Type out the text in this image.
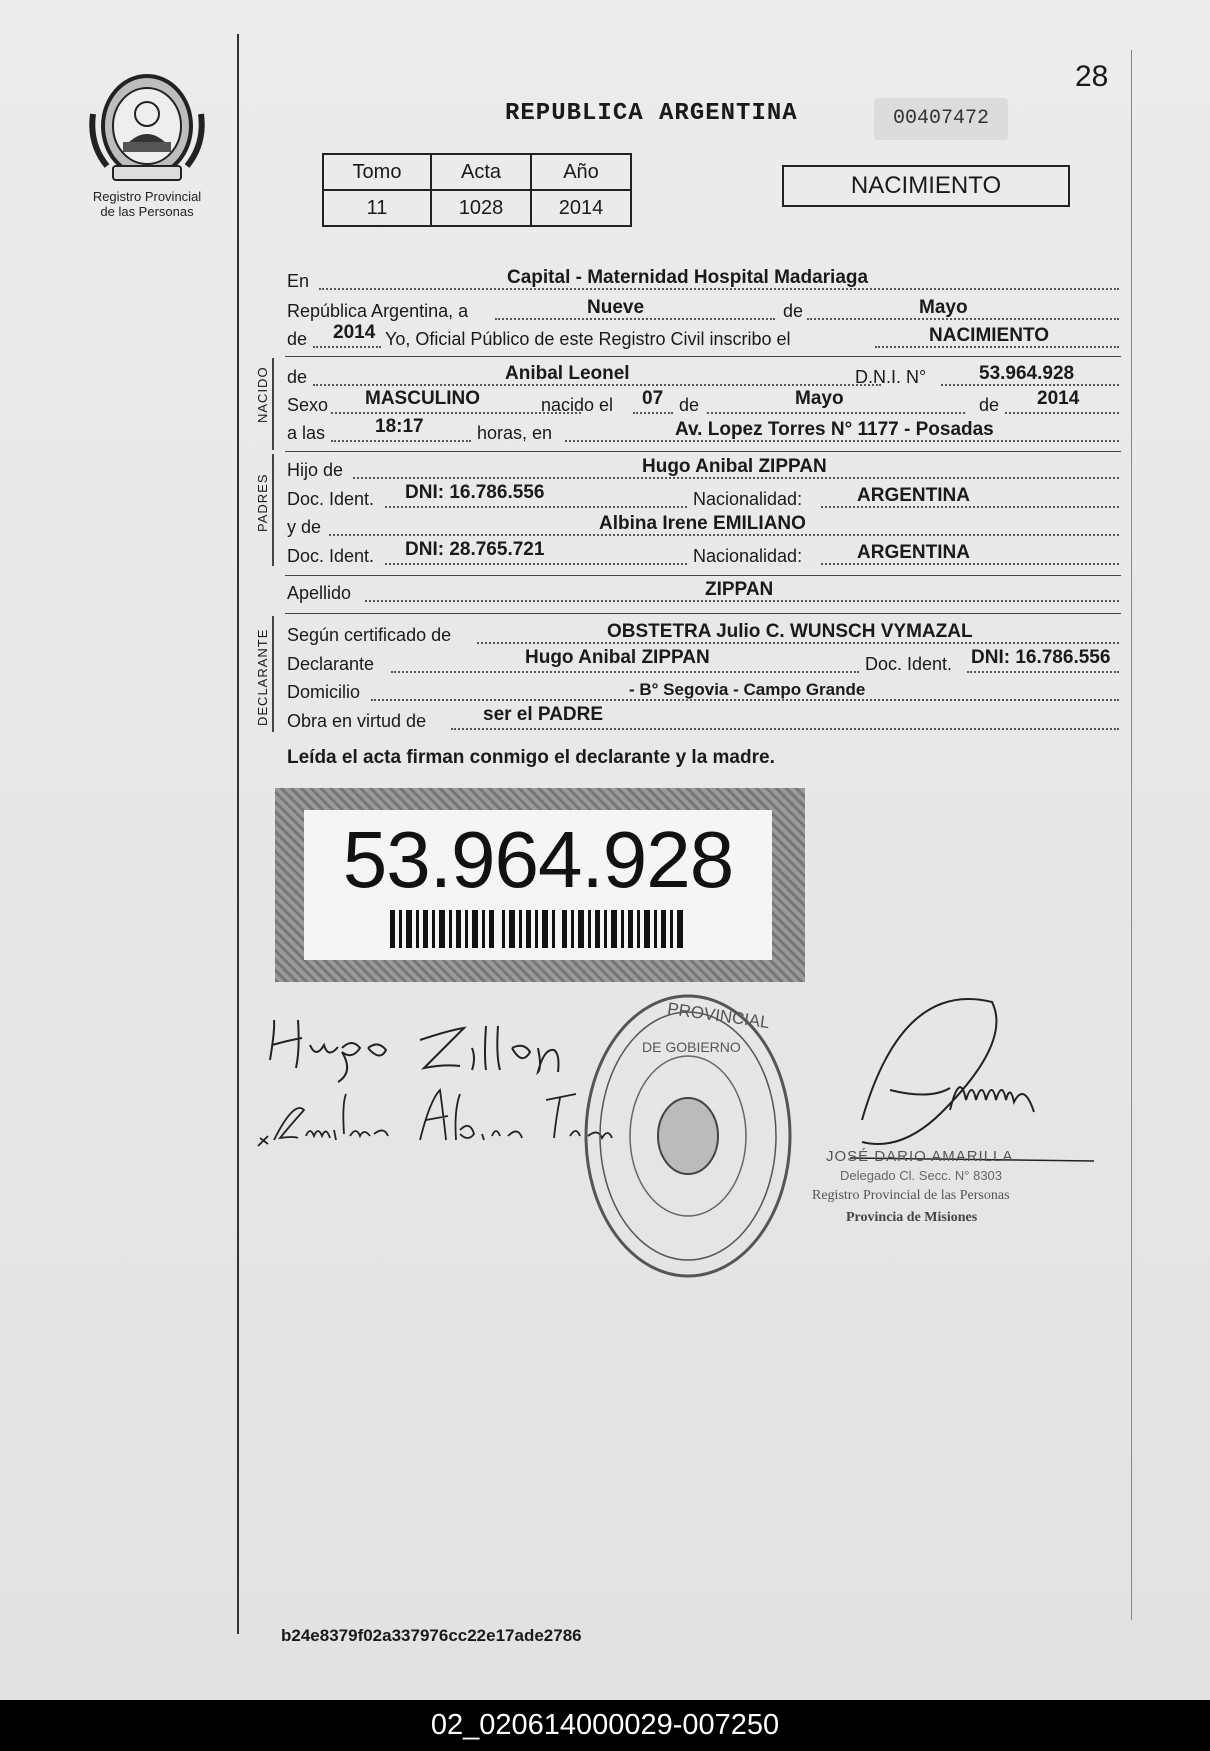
Registro Provincial
de las Personas
28
REPUBLICA ARGENTINA	00407472
Tomo	Acta	Año
11	1028	2014
NACIMIENTO
En	Capital - Maternidad Hospital Madariaga
República Argentina, a	Nueve	de	Mayo
de 2014 Yo, Oficial Público de este Registro Civil inscribo el	NACIMIENTO
NACIDO de	Anibal Leonel	D.N.I. N°	53.964.928
Sexo MASCULINO	nacido el 07 de	Mayo	de 2014
a las	18:17	horas, en	Av. Lopez Torres N° 1177 - Posadas
PADRES
Hijo de	Hugo Anibal ZIPPAN
Doc. Ident. DNI: 16.786.556	Nacionalidad:	ARGENTINA
y de	Albina Irene EMILIANO
Doc. Ident. DNI: 28.765.721	Nacionalidad:	ARGENTINA
Apellido	ZIPPAN
DECLARANTE Según certificado de	OBSTETRA Julio C. WUNSCH VYMAZAL
Declarante	Hugo Anibal ZIPPAN	Doc. Ident. DNI: 16.786.556
Domicilio	- B° Segovia - Campo Grande
Obra en virtud de	ser el PADRE
Leída el acta firman conmigo el declarante y la madre.
53.964.928
PROVINCIAL
DE GOBIERNO
JOSÉ DARIO AMARILLA
Delegado Cl. Secc. N° 8303
Registro Provincial de las Personas
Provincia de Misiones
b24e8379f02a337976cc22e17ade2786
02_020614000029-007250
